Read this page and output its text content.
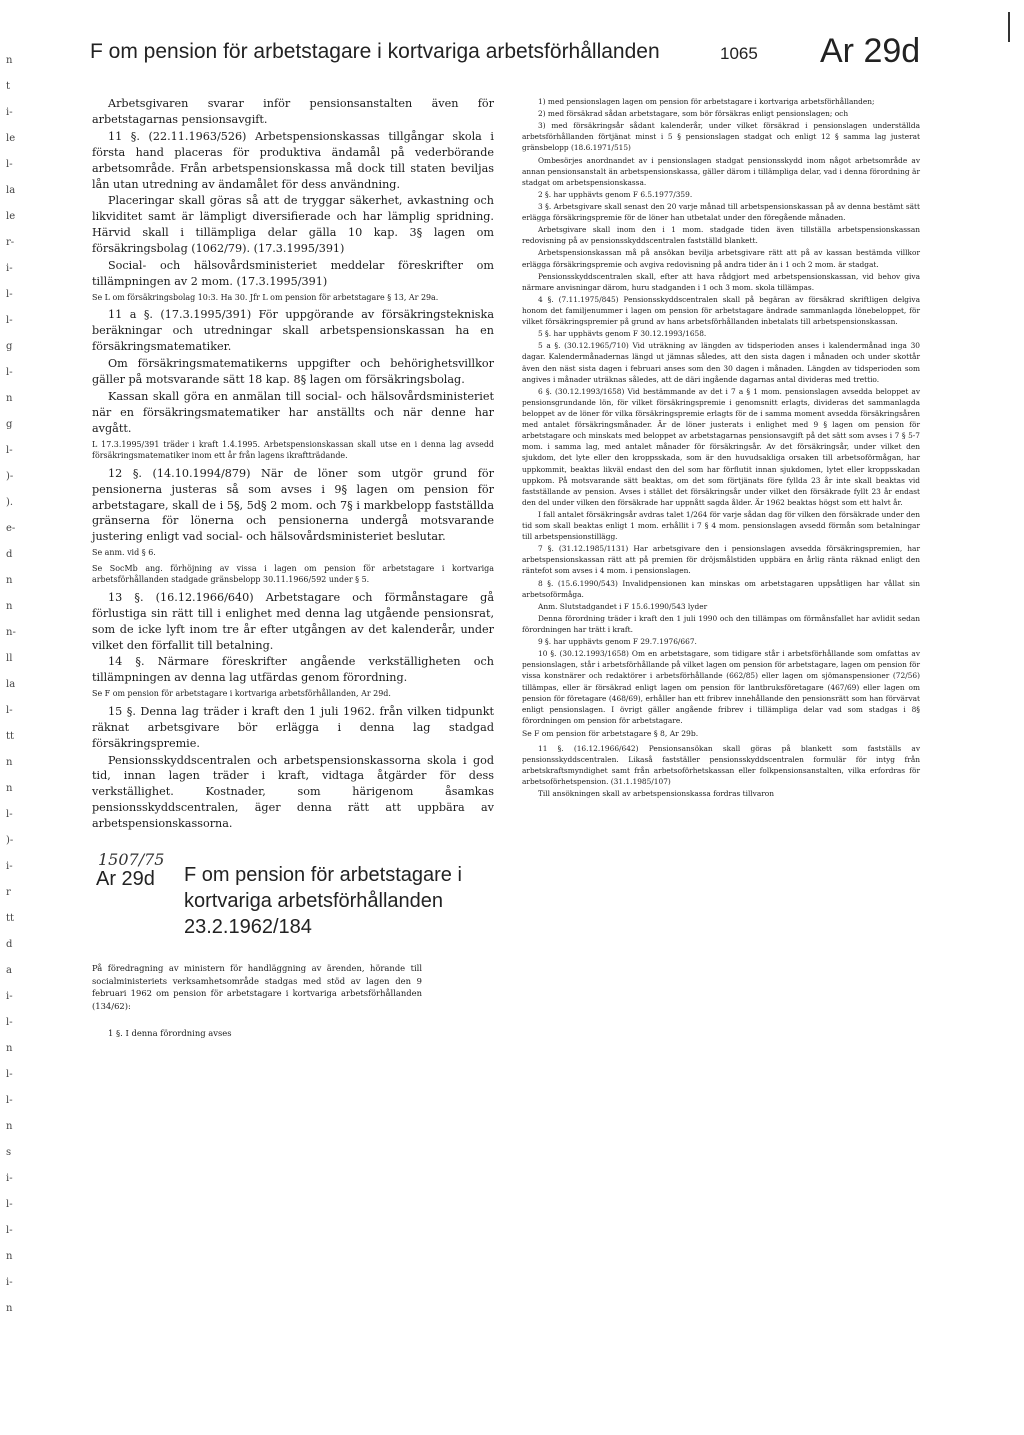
n
t
i-
le
l-
la
le
r-
i-
l-
l-
g
l-
n
g
l-
)-
).
e-
d
n
n
n-
ll
la
l-
tt
n
n
l-
)-
i-
r
tt
d
a
i-
l-
n
l-
l-
n
s
i-
l-
l-
n
i-
n
F om pension för arbetstagare i kortvariga arbetsförhållanden	1065 Ar 29d

Arbetsgivaren svarar inför pensionsanstalten även för arbetstagarnas pensionsavgift.

11 §. (22.11.1963/526) Arbetspensionskassas tillgångar skola i första hand placeras för produktiva ändamål på vederbörande arbetsområde. Från arbetspensionskassa må dock till staten beviljas lån utan utredning av ändamålet för dess användning.

Placeringar skall göras så att de tryggar säkerhet, avkastning och likviditet samt är lämpligt diversifierade och har lämplig spridning. Härvid skall i tillämpliga delar gälla 10 kap. 3§ lagen om försäkringsbolag (1062/79). (17.3.1995/391)

Social- och hälsovårdsministeriet meddelar föreskrifter om tillämpningen av 2 mom. (17.3.1995/391)

Se L om försäkringsbolag 10:3. Ha 30. Jfr L om pension för arbetstagare § 13, Ar 29a.

11 a §. (17.3.1995/391) För uppgörande av försäkringstekniska beräkningar och utredningar skall arbetspensionskassan ha en försäkringsmatematiker.

Om försäkringsmatematikerns uppgifter och behörighetsvillkor gäller på motsvarande sätt 18 kap. 8§ lagen om försäkringsbolag.

Kassan skall göra en anmälan till social- och hälsovårdsministeriet när en försäkringsmatematiker har anställts och när denne har avgått.

L 17.3.1995/391 träder i kraft 1.4.1995. Arbetspensionskassan skall utse en i denna lag avsedd försäkringsmatematiker inom ett år från lagens ikraftträdande.

12 §. (14.10.1994/879) När de löner som utgör grund för pensionerna justeras så som avses i 9§ lagen om pension för arbetstagare, skall de i 5§, 5d§ 2 mom. och 7§ i markbelopp fastställda gränserna för lönerna och pensionerna undergå motsvarande justering enligt vad social- och hälsovårdsministeriet beslutar.

Se anm. vid § 6.

Se SocMb ang. förhöjning av vissa i lagen om pension för arbetstagare i kortvariga arbetsförhållanden stadgade gränsbelopp 30.11.1966/592 under § 5.

13 §. (16.12.1966/640) Arbetstagare och förmånstagare gå förlustiga sin rätt till i enlighet med denna lag utgående pensionsrat, som de icke lyft inom tre år efter utgången av det kalenderår, under vilket den förfallit till betalning.

14 §. Närmare föreskrifter angående verkställigheten och tillämpningen av denna lag utfärdas genom förordning.

Se F om pension för arbetstagare i kortvariga arbetsförhållanden, Ar 29d.

15 §. Denna lag träder i kraft den 1 juli 1962. från vilken tidpunkt räknat arbetsgivare bör erlägga i denna lag stadgad försäkringspremie.

Pensionsskyddscentralen och arbetspensionskassorna skola i god tid, innan lagen träder i kraft, vidtaga åtgärder för dess verkställighet. Kostnader, som härigenom åsamkas pensionsskyddscentralen, äger denna rätt att uppbära av arbetspensionskassorna.

1507/75
Ar 29d F om pension för arbetstagare i kortvariga arbetsförhållanden 23.2.1962/184
På föredragning av ministern för handläggning av ärenden, hörande till socialministeriets verksamhetsområde stadgas med stöd av lagen den 9 februari 1962 om pension för arbetstagare i kortvariga arbetsförhållanden (134/62):
1 §. I denna förordning avses

1) med pensionslagen lagen om pension för arbetstagare i kortvariga arbetsförhållanden;

2) med försäkrad sådan arbetstagare, som bör försäkras enligt pensionslagen; och

3) med försäkringsår sådant kalenderår, under vilket försäkrad i pensionslagen underställda arbetsförhållanden förtjänat minst i 5 § pensionslagen stadgat och enligt 12 § samma lag justerat gränsbelopp (18.6.1971/515)

Ombesörjes anordnandet av i pensionslagen stadgat pensionsskydd inom något arbetsområde av annan pensionsanstalt än arbetspensionskassa, gäller därom i tillämpliga delar, vad i denna förordning är stadgat om arbetspensionskassa.

2 §. har upphävts genom F 6.5.1977/359.

3 §. Arbetsgivare skall senast den 20 varje månad till arbetspensionskassan på av denna bestämt sätt erlägga försäkringspremie för de löner han utbetalat under den föregående månaden.

Arbetsgivare skall inom den i 1 mom. stadgade tiden även tillställa arbetspensionskassan redovisning på av pensionsskyddscentralen fastställd blankett.

Arbetspensionskassan må på ansökan bevilja arbetsgivare rätt att på av kassan bestämda villkor erlägga försäkringspremie och avgiva redovisning på andra tider än i 1 och 2 mom. är stadgat.

Pensionsskyddscentralen skall, efter att hava rådgjort med arbetspensionskassan, vid behov giva närmare anvisningar därom, huru stadganden i 1 och 3 mom. skola tillämpas.

4 §. (7.11.1975/845) Pensionsskyddscentralen skall på begäran av försäkrad skriftligen delgiva honom det familjenummer i lagen om pension för arbetstagare ändrade sammanlagda lönebeloppet, för vilket försäkringspremier på grund av hans arbetsförhållanden inbetalats till arbetspensionskassan.

5 §. har upphävts genom F 30.12.1993/1658.

5 a §. (30.12.1965/710) Vid uträkning av längden av tidsperioden anses i kalendermånad inga 30 dagar. Kalendermånadernas längd ut jämnas således, att den sista dagen i månaden och under skottår även den näst sista dagen i februari anses som den 30 dagen i månaden. Längden av tidsperioden som angives i månader uträknas således, att de däri ingående dagarnas antal divideras med trettio.

6 §. (30.12.1993/1658) Vid bestämmande av det i 7 a § 1 mom. pensionslagen avsedda beloppet av pensionsgrundande lön, för vilket försäkringspremie i genomsnitt erlagts, divideras det sammanlagda beloppet av de löner för vilka försäkringspremie erlagts för de i samma moment avsedda försäkringsåren med antalet försäkringsmånader. Är de löner justerats i enlighet med 9 § lagen om pension för arbetstagare och minskats med beloppet av arbetstagarnas pensionsavgift på det sätt som avses i 7 § 5-7 mom. i samma lag, med antalet månader för försäkringsår. Av det försäkringsår, under vilket den sjukdom, det lyte eller den kroppsskada, som är den huvudsakliga orsaken till arbetsoförmågan, har uppkommit, beaktas likväl endast den del som har förflutit innan sjukdomen, lytet eller kroppsskadan uppkom. På motsvarande sätt beaktas, om det som förtjänats före fyllda 23 år inte skall beaktas vid fastställande av pension. Avses i stället det försäkringsår under vilket den försäkrade fyllt 23 år endast den del under vilken den försäkrade har uppnått sagda ålder. Är 1962 beaktas högst som ett halvt år.

I fall antalet försäkringsår avdras talet 1/264 för varje sådan dag för vilken den försäkrade under den tid som skall beaktas enligt 1 mom. erhållit i 7 § 4 mom. pensionslagen avsedd förmån som betalningar till arbetspensionstillägg.

7 §. (31.12.1985/1131) Har arbetsgivare den i pensionslagen avsedda försäkringspremien, har arbetspensionskassan rätt att på premien för dröjsmålstiden uppbära en årlig ränta räknad enligt den räntefot som avses i 4 mom. i pensionslagen.

8 §. (15.6.1990/543) Invalidpensionen kan minskas om arbetstagaren uppsåtligen har vållat sin arbetsoförmåga.

Anm. Slutstadgandet i F 15.6.1990/543 lyder

Denna förordning träder i kraft den 1 juli 1990 och den tillämpas om förmånsfallet har avlidit sedan förordningen har trätt i kraft.

9 §. har upphävts genom F 29.7.1976/667.

10 §. (30.12.1993/1658) Om en arbetstagare, som tidigare står i arbetsförhållande som omfattas av pensionslagen, står i arbetsförhållande på vilket lagen om pension för arbetstagare, lagen om pension för vissa konstnärer och redaktörer i arbetsförhållande (662/85) eller lagen om sjömanspensioner (72/56) tillämpas, eller är försäkrad enligt lagen om pension för lantbruksföretagare (467/69) eller lagen om pension för företagare (468/69), erhåller han ett fribrev innehållande den pensionsrätt som han förvärvat enligt pensionslagen. I övrigt gäller angående fribrev i tillämpliga delar vad som stadgas i 8§ förordningen om pension för arbetstagare.

Se F om pension för arbetstagare § 8, Ar 29b.

11 §. (16.12.1966/642) Pensionsansökan skall göras på blankett som fastställs av pensionsskyddscentralen. Likaså fastställer pensionsskyddscentralen formulär för intyg från arbetskraftsmyndighet samt från arbetsoförhetskassan eller folkpensionsanstalten, vilka erfordras för arbetsoförhetspension. (31.1.1985/107)

Till ansökningen skall av arbetspensionskassa fordras tillvaron
